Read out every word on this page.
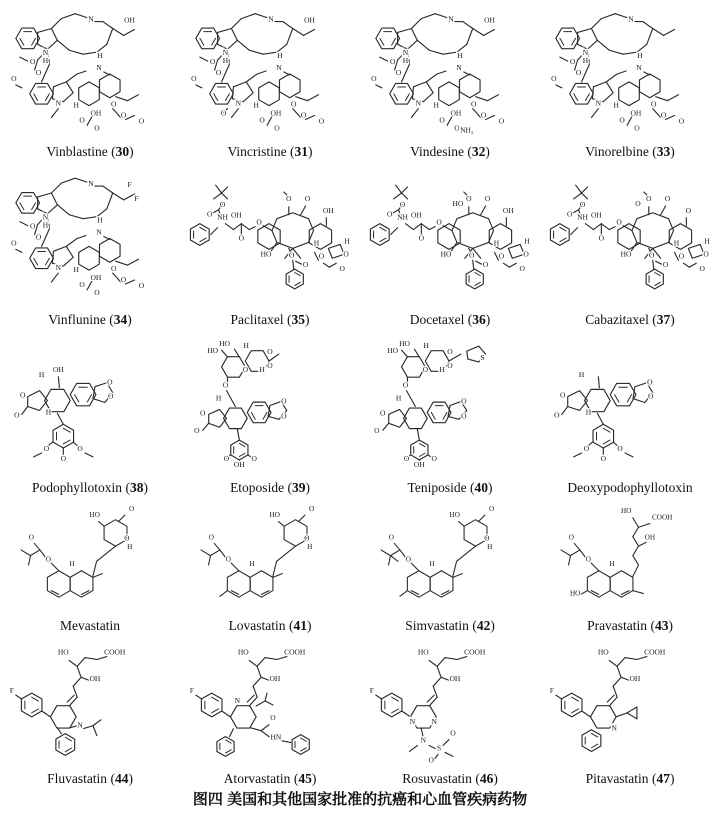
N
H
N
H
O
O
O
N H
N
OH
O
O
O
O
O
OH
Vinblastine (30)
N
H
N
H
O
O
O
N H
N
OH
O
O
O
O
O
OH
O
Vincristine (31)
N
H
N
H
O
O
O
N H
N
OH
O
O
O
O
O
OH
NH₂
Vindesine (32)
N
H
N
H
O
O
O
N H
N
OH
O
O
O
O
O
Vinorelbine (33)
N
H
N
H
O
O
O
N H
N
OH
O
O
O
O
O
F
F
Vinflunine (34)
NH OH
O
O
O
O
O O
HO O
O
O
O
H	H
O
OH
Paclitaxel (35)
NH OH
O
O
O
O
O O
HO O
O
O
O
H	H
O
OH
HO
Docetaxel (36)
NH OH
O
O
O
O
O O
HO O
O
O
O
H	H
O
O
O
Cabazitaxel (37)
O
O
H
H
O
O
O
O
O
OH
Podophyllotoxin (38)
HO
HO H
O
O
O
H
O
O
O
H	O
O
O	O
OH
Etoposide (39)
HO
HO H
O
O
O
H
O
O
O
H	O
O
O	O
OH
S
Teniposide (40)
O
O
H
H
O
O
O
O
O
Deoxypodophyllotoxin
HO
O
O
H
H
O
O
Mevastatin
HO
O
O
H
H
O
O
Lovastatin (41)
HO
O
O
H
H
O
O
Simvastatin (42)
HO
COOH
OH
H
O
O
HO
Pravastatin (43)
F
HO
OH
COOH
N
Fluvastatin (44)
F
HO
OH
COOH
N
O
HN
Atorvastatin (45)
F
HO
OH
COOH
N N
N
S
O
O
Rosuvastatin (46)
F
HO
OH
COOH
N
Pitavastatin (47)
图四 美国和其他国家批准的抗癌和心血管疾病药物
